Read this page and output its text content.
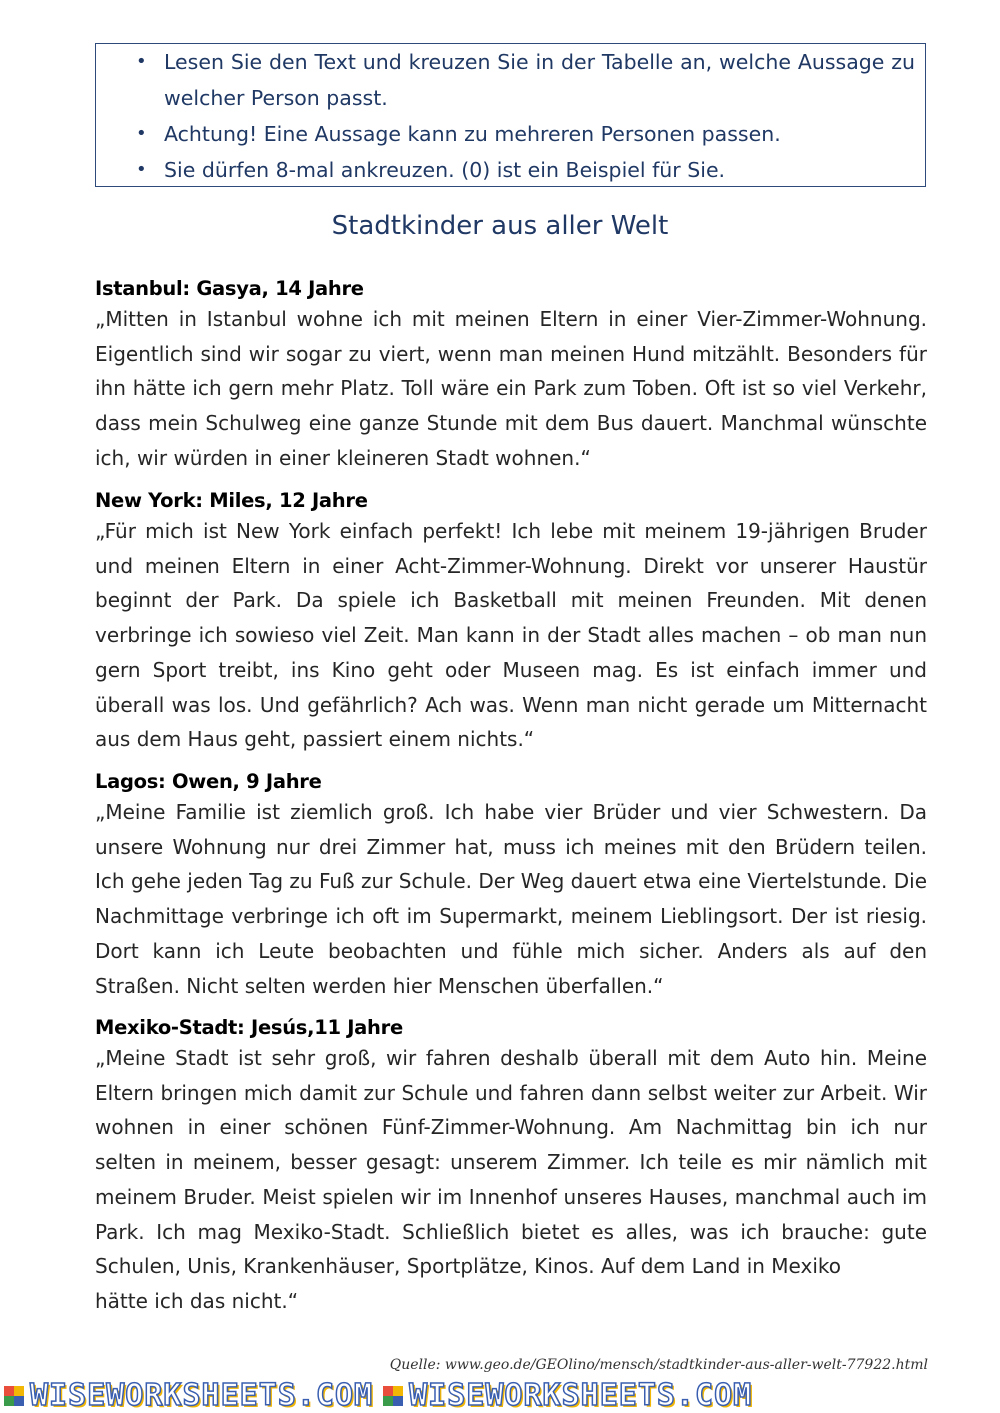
• Lesen Sie den Text und kreuzen Sie in der Tabelle an, welche Aussage zu welcher Person passt.
• Achtung! Eine Aussage kann zu mehreren Personen passen.
• Sie dürfen 8-mal ankreuzen. (0) ist ein Beispiel für Sie.
Stadtkinder aus aller Welt
Istanbul: Gasya, 14 Jahre

„Mitten in Istanbul wohne ich mit meinen Eltern in einer Vier-Zimmer-Wohnung. Eigentlich sind wir sogar zu viert, wenn man meinen Hund mitzählt. Besonders für ihn hätte ich gern mehr Platz. Toll wäre ein Park zum Toben. Oft ist so viel Verkehr, dass mein Schulweg eine ganze Stunde mit dem Bus dauert. Manchmal wünschte ich, wir würden in einer kleineren Stadt wohnen.“

New York: Miles, 12 Jahre

„Für mich ist New York einfach perfekt! Ich lebe mit meinem 19-jährigen Bruder und meinen Eltern in einer Acht-Zimmer-Wohnung. Direkt vor unserer Haustür beginnt der Park. Da spiele ich Basketball mit meinen Freunden. Mit denen verbringe ich sowieso viel Zeit. Man kann in der Stadt alles machen – ob man nun gern Sport treibt, ins Kino geht oder Museen mag. Es ist einfach immer und überall was los. Und gefährlich? Ach was. Wenn man nicht gerade um Mitternacht aus dem Haus geht, passiert einem nichts.“

Lagos: Owen, 9 Jahre

„Meine Familie ist ziemlich groß. Ich habe vier Brüder und vier Schwestern. Da unsere Wohnung nur drei Zimmer hat, muss ich meines mit den Brüdern teilen. Ich gehe jeden Tag zu Fuß zur Schule. Der Weg dauert etwa eine Viertelstunde. Die Nachmittage verbringe ich oft im Supermarkt, meinem Lieblingsort. Der ist riesig. Dort kann ich Leute beobachten und fühle mich sicher. Anders als auf den Straßen. Nicht selten werden hier Menschen überfallen.“

Mexiko-Stadt: Jesús,11 Jahre

„Meine Stadt ist sehr groß, wir fahren deshalb überall mit dem Auto hin. Meine Eltern bringen mich damit zur Schule und fahren dann selbst weiter zur Arbeit. Wir wohnen in einer schönen Fünf-Zimmer-Wohnung. Am Nachmittag bin ich nur selten in meinem, besser gesagt: unserem Zimmer. Ich teile es mir nämlich mit meinem Bruder. Meist spielen wir im Innenhof unseres Hauses, manchmal auch im Park. Ich mag Mexiko-Stadt. Schließlich bietet es alles, was ich brauche: gute Schulen, Unis, Krankenhäuser, Sportplätze, Kinos. Auf dem Land in Mexiko

hätte ich das nicht.“

Quelle: www.geo.de/GEOlino/mensch/stadtkinder-aus-aller-welt-77922.html
WISEWORKSHEETS.COM WISEWORKSHEETS.COM
